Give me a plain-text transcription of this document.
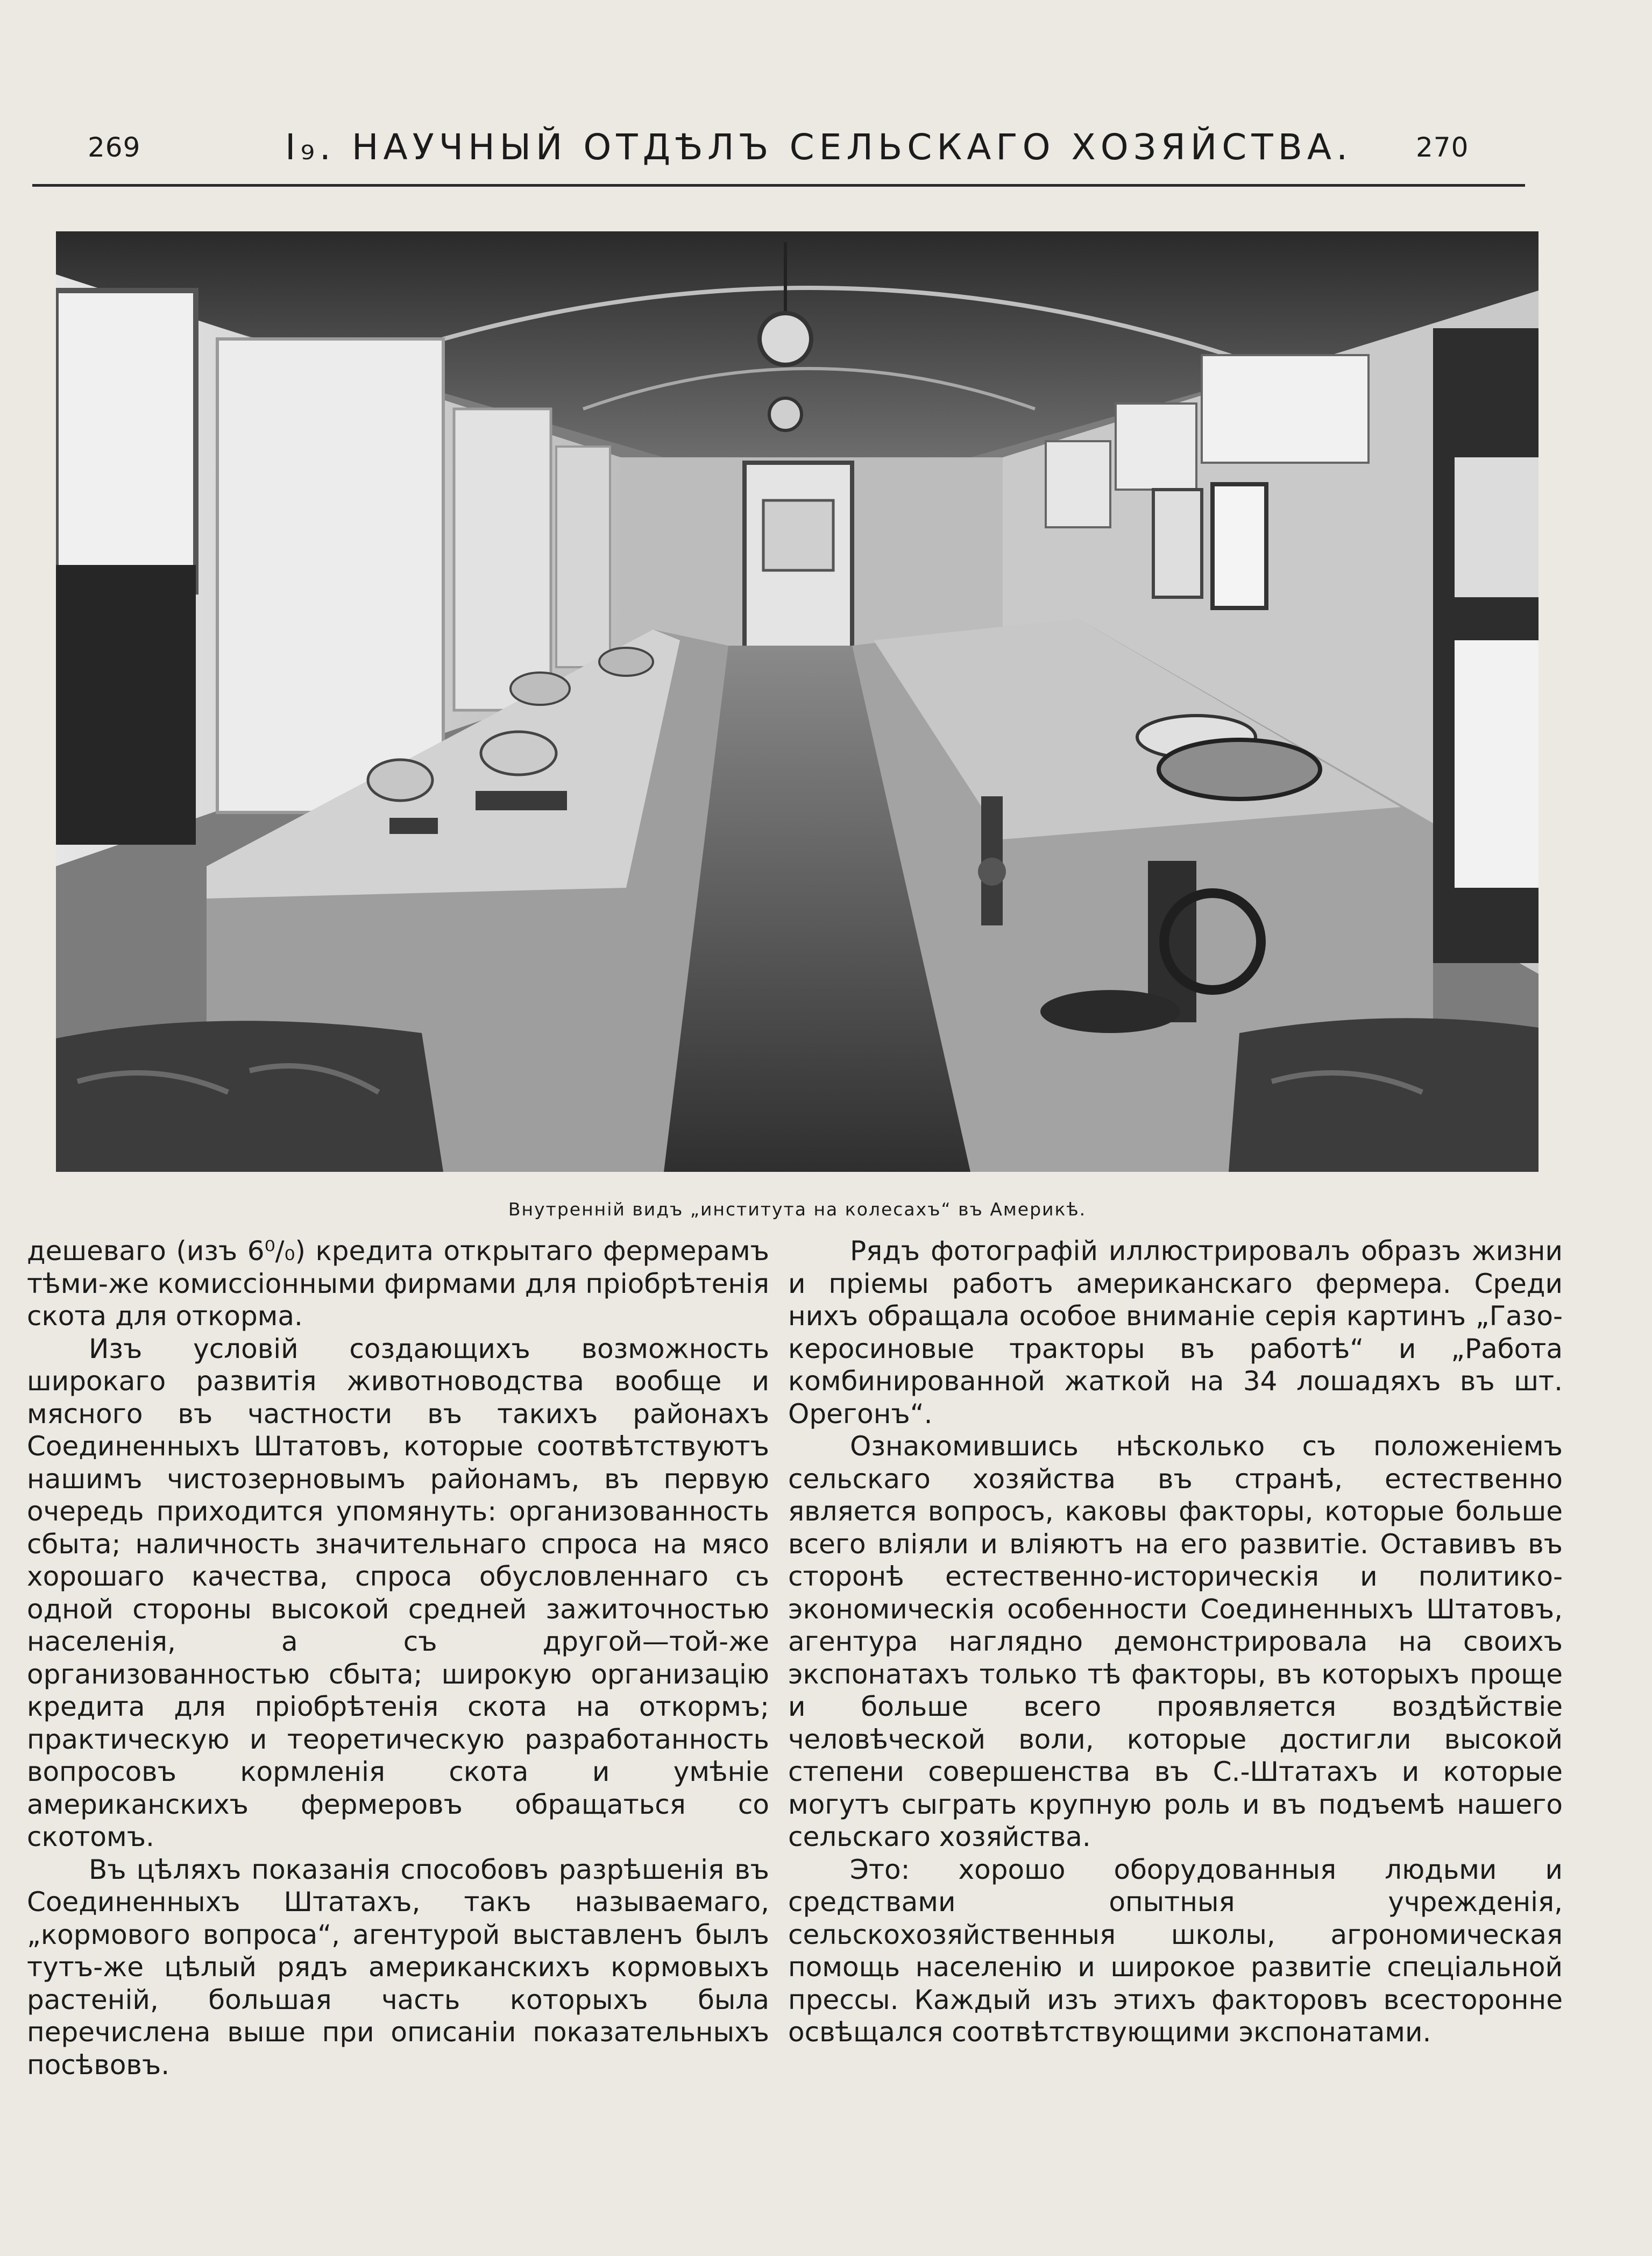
269	I₉. НАУЧНЫЙ ОТДѢЛЪ СЕЛЬСКАГО ХОЗЯЙСТВА. 270
Внутренній видъ „института на колесахъ“ въ Америкѣ.

дешеваго (изъ 6⁰/₀) кредита открытаго фермерамъ тѣми-же комиссіонными фирмами для пріобрѣтенія скота для откорма.

Изъ условій создающихъ возможность широкаго развитія животноводства вообще и мясного въ частности въ такихъ районахъ Соединенныхъ Штатовъ, которые соотвѣтствуютъ нашимъ чистозерновымъ районамъ, въ первую очередь приходится упомянуть: организованность сбыта; наличность значительнаго спроса на мясо хорошаго качества, спроса обусловленнаго съ одной стороны высокой средней зажиточностью населенія, а съ другой—той-же организованностью сбыта; широкую организацію кредита для пріобрѣтенія скота на откормъ; практическую и теоретическую разработанность вопросовъ кормленія скота и умѣніе американскихъ фермеровъ обращаться со скотомъ.

Въ цѣляхъ показанія способовъ разрѣшенія въ Соединенныхъ Штатахъ, такъ называемаго, „кормового вопроса“, агентурой выставленъ былъ тутъ-же цѣлый рядъ американскихъ кормовыхъ растеній, большая часть которыхъ была перечислена выше при описаніи показательныхъ посѣвовъ.

Рядъ фотографій иллюстрировалъ образъ жизни и пріемы работъ американскаго фермера. Среди нихъ обращала особое вниманіе серія картинъ „Газо-керосиновые тракторы въ работѣ“ и „Работа комбинированной жаткой на 34 лошадяхъ въ шт. Орегонъ“.

Ознакомившись нѣсколько съ положеніемъ сельскаго хозяйства въ странѣ, естественно является вопросъ, каковы факторы, которые больше всего вліяли и вліяютъ на его развитіе. Оставивъ въ сторонѣ естественно-историческія и политико-экономическія особенности Соединенныхъ Штатовъ, агентура наглядно демонстрировала на своихъ экспонатахъ только тѣ факторы, въ которыхъ проще и больше всего проявляется воздѣйствіе человѣческой воли, которые достигли высокой степени совершенства въ С.-Штатахъ и которые могутъ сыграть крупную роль и въ подъемѣ нашего сельскаго хозяйства.

Это: хорошо оборудованныя людьми и средствами опытныя учрежденія, сельскохозяйственныя школы, агрономическая помощь населенію и широкое развитіе спеціальной прессы. Каждый изъ этихъ факторовъ всесторонне освѣщался соотвѣтствующими экспонатами.
